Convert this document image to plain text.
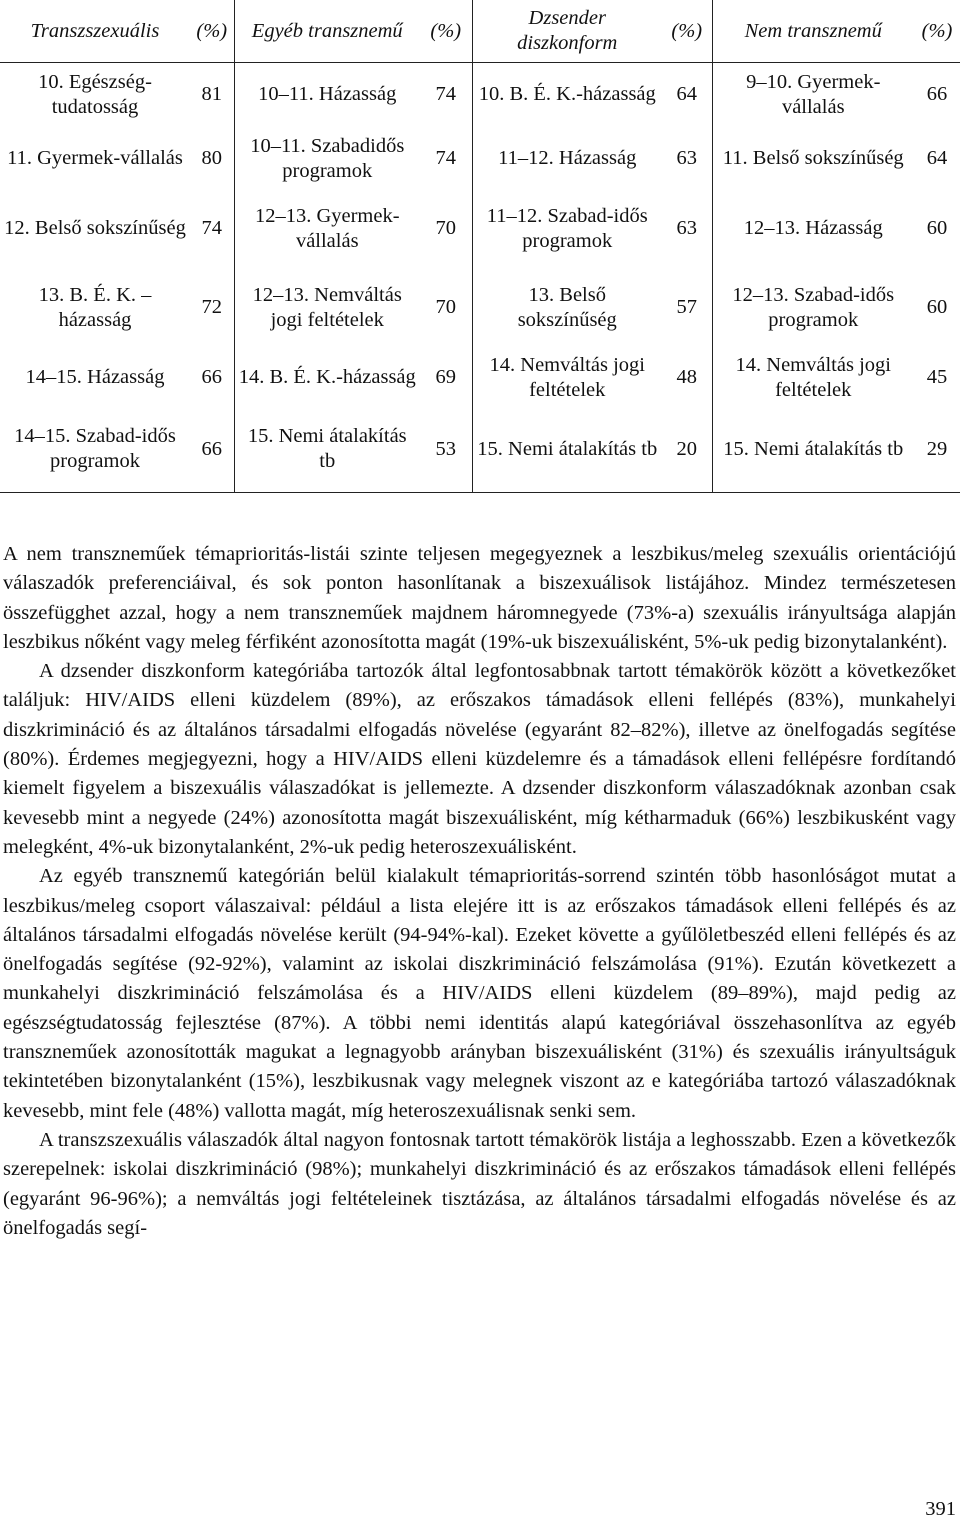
Transzszexuális	(%)	Egyéb transznemű	(%)	Dzsender diszkonform	(%)	Nem transznemű	(%)
10. Egészség-tudatosság	81	10–11. Házasság	74	10. B. É. K.-házasság	64	9–10. Gyermek-vállalás	66
11. Gyermek-vállalás	80	10–11. Szabadidős programok	74	11–12. Házasság	63	11. Belső sokszínűség	64
12. Belső sokszínűség	74	12–13. Gyermek-vállalás	70	11–12. Szabad-idős programok	63	12–13. Házasság	60
13. B. É. K. – házasság	72	12–13. Nemváltás jogi feltételek	70	13. Belső sokszínűség	57	12–13. Szabad-idős programok	60
14–15. Házasság	66	14. B. É. K.-házasság	69	14. Nemváltás jogi feltételek	48	14. Nemváltás jogi feltételek	45
14–15. Szabad-idős programok	66	15. Nemi átalakítás tb	53	15. Nemi átalakítás tb	20	15. Nemi átalakítás tb	29

A nem transzneműek témaprioritás-listái szinte teljesen megegyeznek a leszbikus/meleg szexuális orientációjú válaszadók preferenciáival, és sok ponton hasonlítanak a biszexuálisok listájához. Mindez természetesen összefügghet azzal, hogy a nem transzneműek majdnem háromnegyede (73%-a) szexuális irányultsága alapján leszbikus nőként vagy meleg férfiként azonosította magát (19%-uk biszexuálisként, 5%-uk pedig bizonytalanként).

A dzsender diszkonform kategóriába tartozók által legfontosabbnak tartott témakörök között a következőket találjuk: HIV/AIDS elleni küzdelem (89%), az erőszakos támadások elleni fellépés (83%), munkahelyi diszkrimináció és az általános társadalmi elfogadás növelése (egyaránt 82–82%), illetve az önelfogadás segítése (80%). Érdemes megjegyezni, hogy a HIV/AIDS elleni küzdelemre és a támadások elleni fellépésre fordítandó kiemelt figyelem a biszexuális válaszadókat is jellemezte. A dzsender diszkonform válaszadóknak azonban csak kevesebb mint a negyede (24%) azonosította magát biszexuálisként, míg kétharmaduk (66%) leszbikusként vagy melegként, 4%-uk bizonytalanként, 2%-uk pedig heteroszexuálisként.

Az egyéb transznemű kategórián belül kialakult témaprioritás-sorrend szintén több hasonlóságot mutat a leszbikus/meleg csoport válaszaival: például a lista elejére itt is az erőszakos támadások elleni fellépés és az általános társadalmi elfogadás növelése került (94-94%-kal). Ezeket követte a gyűlöletbeszéd elleni fellépés és az önelfogadás segítése (92-92%), valamint az iskolai diszkrimináció felszámolása (91%). Ezután következett a munkahelyi diszkrimináció felszámolása és a HIV/AIDS elleni küzdelem (89–89%), majd pedig az egészségtudatosság fejlesztése (87%). A többi nemi identitás alapú kategóriával összehasonlítva az egyéb transzneműek azonosították magukat a legnagyobb arányban biszexuálisként (31%) és szexuális irányultságuk tekintetében bizonytalanként (15%), leszbikusnak vagy melegnek viszont az e kategóriába tartozó válaszadóknak kevesebb, mint fele (48%) vallotta magát, míg heteroszexuálisnak senki sem.

A transzszexuális válaszadók által nagyon fontosnak tartott témakörök listája a leghosszabb. Ezen a következők szerepelnek: iskolai diszkrimináció (98%); munkahelyi diszkrimináció és az erőszakos támadások elleni fellépés (egyaránt 96-96%); a nemváltás jogi feltételeinek tisztázása, az általános társadalmi elfogadás növelése és az önelfogadás segí-

391
